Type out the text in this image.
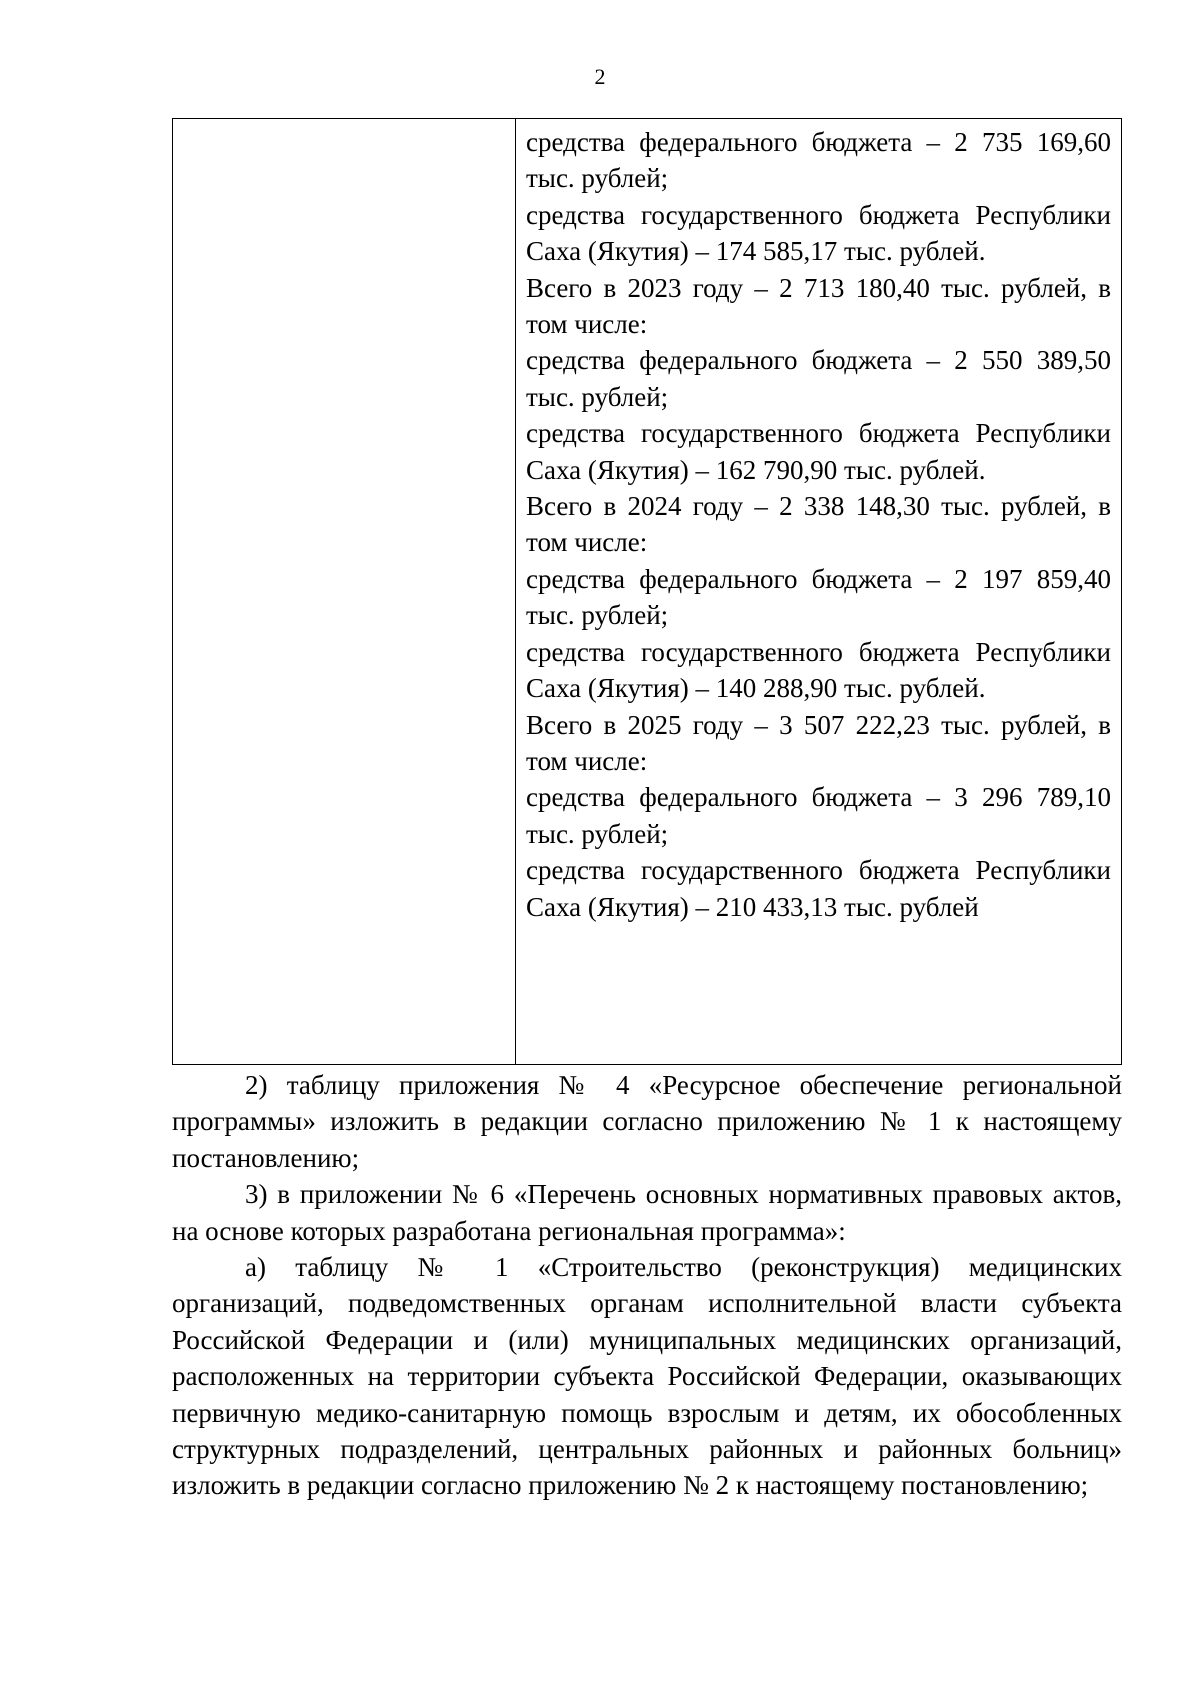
2

средства федерального бюджета – 2 735 169,60 тыс. рублей;

средства государственного бюджета Республики Саха (Якутия) – 174 585,17 тыс. рублей.

Всего в 2023 году – 2 713 180,40 тыс. рублей, в том числе:

средства федерального бюджета – 2 550 389,50 тыс. рублей;

средства государственного бюджета Республики Саха (Якутия) – 162 790,90 тыс. рублей.

Всего в 2024 году – 2 338 148,30 тыс. рублей, в том числе:

средства федерального бюджета – 2 197 859,40 тыс. рублей;

средства государственного бюджета Республики Саха (Якутия) – 140 288,90 тыс. рублей.

Всего в 2025 году – 3 507 222,23 тыс. рублей, в том числе:

средства федерального бюджета – 3 296 789,10 тыс. рублей;

средства государственного бюджета Республики Саха (Якутия) – 210 433,13 тыс. рублей

2) таблицу приложения № 4 «Ресурсное обеспечение региональной программы» изложить в редакции согласно приложению № 1 к настоящему постановлению;

3) в приложении № 6 «Перечень основных нормативных правовых актов, на основе которых разработана региональная программа»:

а) таблицу № 1 «Строительство (реконструкция) медицинских организаций, подведомственных органам исполнительной власти субъекта Российской Федерации и (или) муниципальных медицинских организаций, расположенных на территории субъекта Российской Федерации, оказывающих первичную медико-санитарную помощь взрослым и детям, их обособленных структурных подразделений, центральных районных и районных больниц» изложить в редакции согласно приложению № 2 к настоящему постановлению;
